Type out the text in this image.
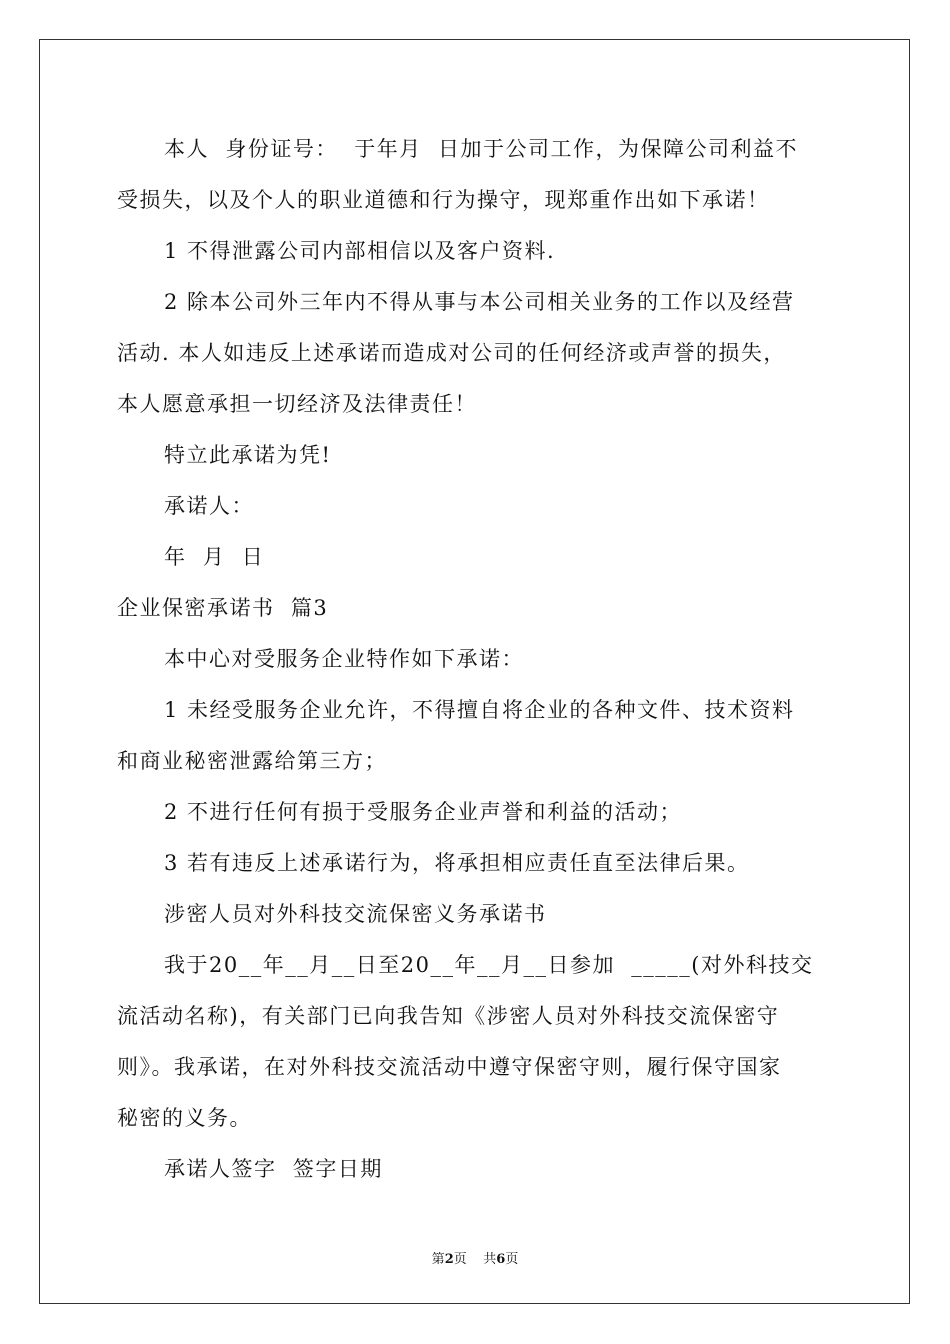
本人  身份证号：  于年月  日加于公司工作，为保障公司利益不
受损失，以及个人的职业道德和行为操守，现郑重作出如下承诺！
1 不得泄露公司内部相信以及客户资料.
2 除本公司外三年内不得从事与本公司相关业务的工作以及经营
活动. 本人如违反上述承诺而造成对公司的任何经济或声誉的损失，
本人愿意承担一切经济及法律责任！
特立此承诺为凭!
承诺人：
年  月  日
企业保密承诺书  篇3
本中心对受服务企业特作如下承诺：
1 未经受服务企业允许，不得擅自将企业的各种文件、技术资料
和商业秘密泄露给第三方；
2 不进行任何有损于受服务企业声誉和利益的活动；
3 若有违反上述承诺行为，将承担相应责任直至法律后果。
涉密人员对外科技交流保密义务承诺书
我于20__年__月__日至20__年__月__日参加  _____(对外科技交
流活动名称)，有关部门已向我告知《涉密人员对外科技交流保密守
则》。我承诺，在对外科技交流活动中遵守保密守则，履行保守国家
秘密的义务。
承诺人签字  签字日期
第2页    共6页
